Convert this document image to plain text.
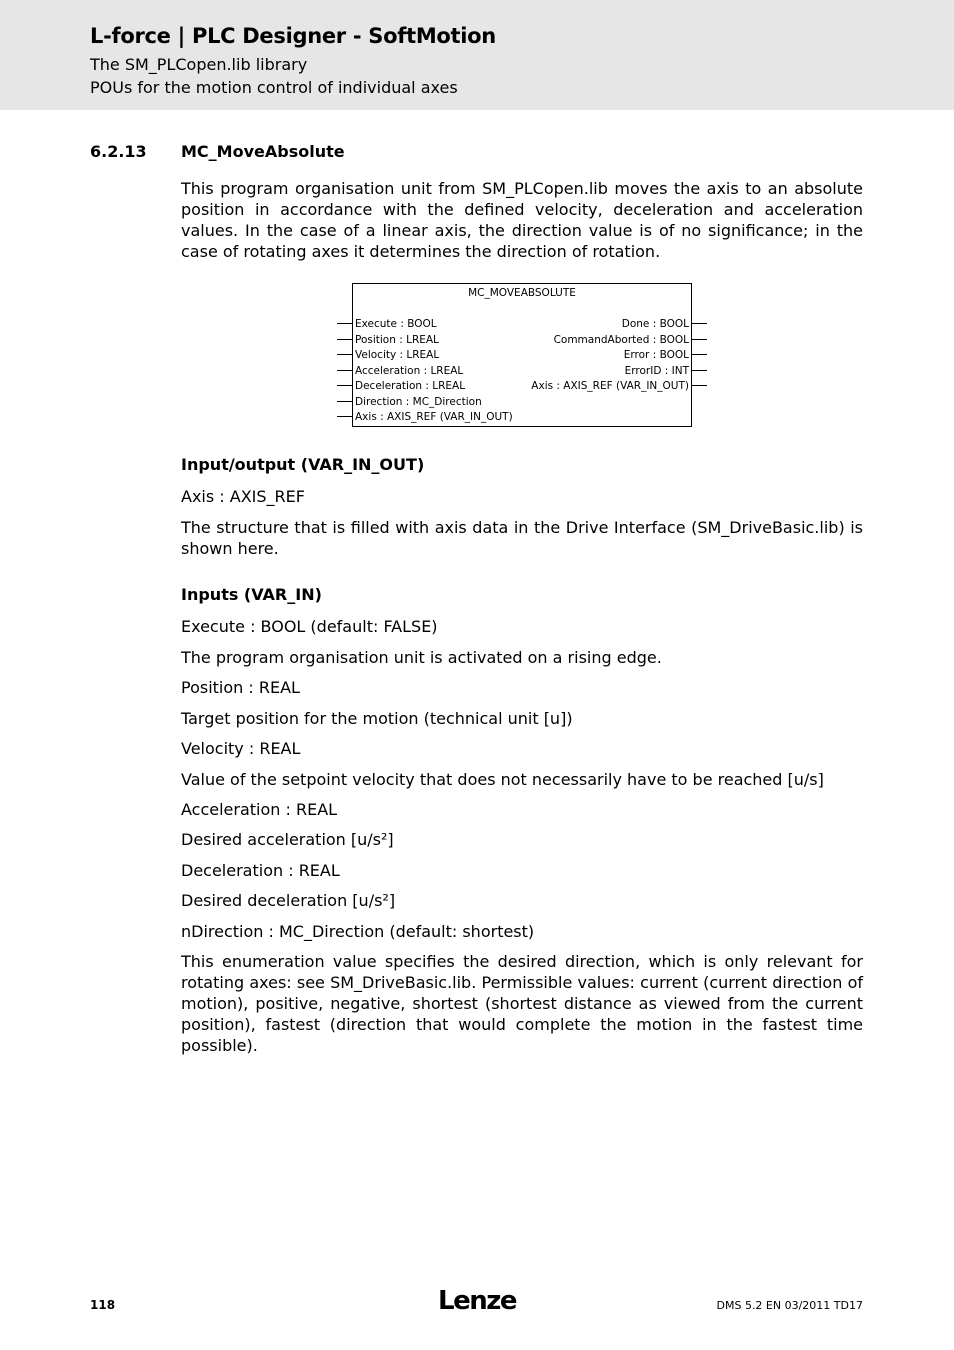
L-force | PLC Designer - SoftMotion
The SM_PLCopen.lib library
POUs for the motion control of individual axes
6.2.13 MC_MoveAbsolute

This program organisation unit from SM_PLCopen.lib moves the axis to an absolute position in accordance with the defined velocity, deceleration and acceleration values. In the case of a linear axis, the direction value is of no significance; in the case of rotating axes it determines the direction of rotation.

MC_MOVEABSOLUTE
Execute : BOOL
Position : LREAL
Velocity : LREAL
Acceleration : LREAL
Deceleration : LREAL
Direction : MC_Direction
Axis : AXIS_REF (VAR_IN_OUT)
Done : BOOL
CommandAborted : BOOL
Error : BOOL
ErrorID : INT
Axis : AXIS_REF (VAR_IN_OUT)
Input/output (VAR_IN_OUT)
Axis : AXIS_REF

The structure that is filled with axis data in the Drive Interface (SM_DriveBasic.lib) is shown here.

Inputs (VAR_IN)
Execute : BOOL (default: FALSE)
The program organisation unit is activated on a rising edge.
Position : REAL
Target position for the motion (technical unit [u])
Velocity : REAL
Value of the setpoint velocity that does not necessarily have to be reached [u/s]
Acceleration : REAL
Desired acceleration [u/s²]
Deceleration : REAL
Desired deceleration [u/s²]
nDirection : MC_Direction (default: shortest)

This enumeration value specifies the desired direction, which is only relevant for rotating axes: see SM_DriveBasic.lib. Permissible values: current (current direction of motion), positive, negative, shortest (shortest distance as viewed from the current position), fastest (direction that would complete the motion in the fastest time possible).

118	Lenze	DMS 5.2 EN 03/2011 TD17
